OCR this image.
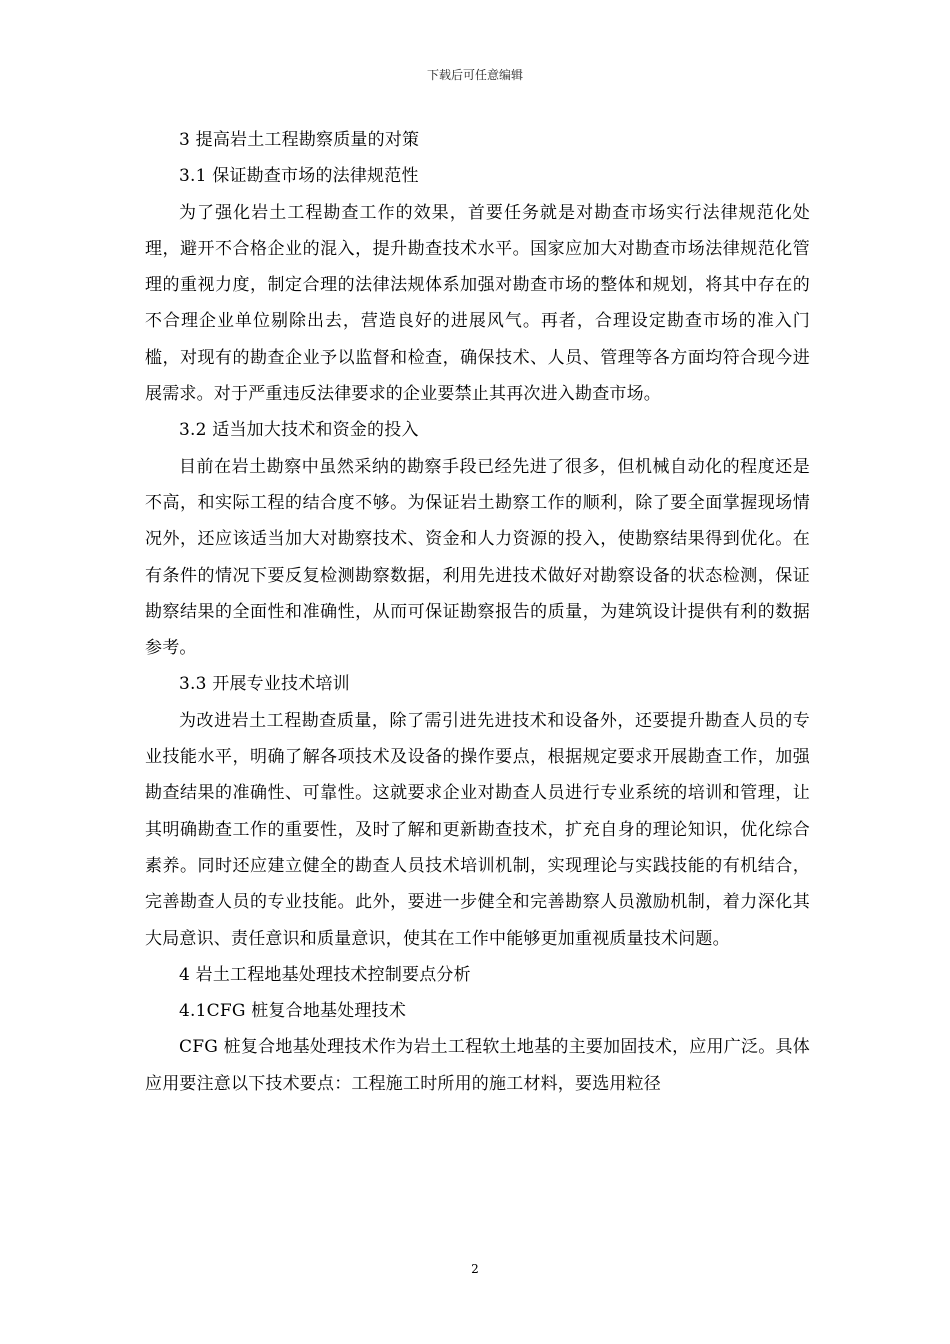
下载后可任意编辑

3 提高岩土工程勘察质量的对策

3.1 保证勘查市场的法律规范性

为了强化岩土工程勘查工作的效果，首要任务就是对勘查市场实行法律规范化处理，避开不合格企业的混入，提升勘查技术水平。国家应加大对勘查市场法律规范化管理的重视力度，制定合理的法律法规体系加强对勘查市场的整体和规划，将其中存在的不合理企业单位剔除出去，营造良好的进展风气。再者，合理设定勘查市场的准入门槛，对现有的勘查企业予以监督和检查，确保技术、人员、管理等各方面均符合现今进展需求。对于严重违反法律要求的企业要禁止其再次进入勘查市场。

3.2 适当加大技术和资金的投入

目前在岩土勘察中虽然采纳的勘察手段已经先进了很多，但机械自动化的程度还是不高，和实际工程的结合度不够。为保证岩土勘察工作的顺利，除了要全面掌握现场情况外，还应该适当加大对勘察技术、资金和人力资源的投入，使勘察结果得到优化。在有条件的情况下要反复检测勘察数据，利用先进技术做好对勘察设备的状态检测，保证勘察结果的全面性和准确性，从而可保证勘察报告的质量，为建筑设计提供有利的数据参考。

3.3 开展专业技术培训

为改进岩土工程勘查质量，除了需引进先进技术和设备外，还要提升勘查人员的专业技能水平，明确了解各项技术及设备的操作要点，根据规定要求开展勘查工作，加强勘查结果的准确性、可靠性。这就要求企业对勘查人员进行专业系统的培训和管理，让其明确勘查工作的重要性，及时了解和更新勘查技术，扩充自身的理论知识，优化综合素养。同时还应建立健全的勘查人员技术培训机制，实现理论与实践技能的有机结合，完善勘查人员的专业技能。此外，要进一步健全和完善勘察人员激励机制，着力深化其大局意识、责任意识和质量意识，使其在工作中能够更加重视质量技术问题。

4 岩土工程地基处理技术控制要点分析

4.1CFG 桩复合地基处理技术

CFG 桩复合地基处理技术作为岩土工程软土地基的主要加固技术，应用广泛。具体应用要注意以下技术要点：工程施工时所用的施工材料，要选用粒径

2
